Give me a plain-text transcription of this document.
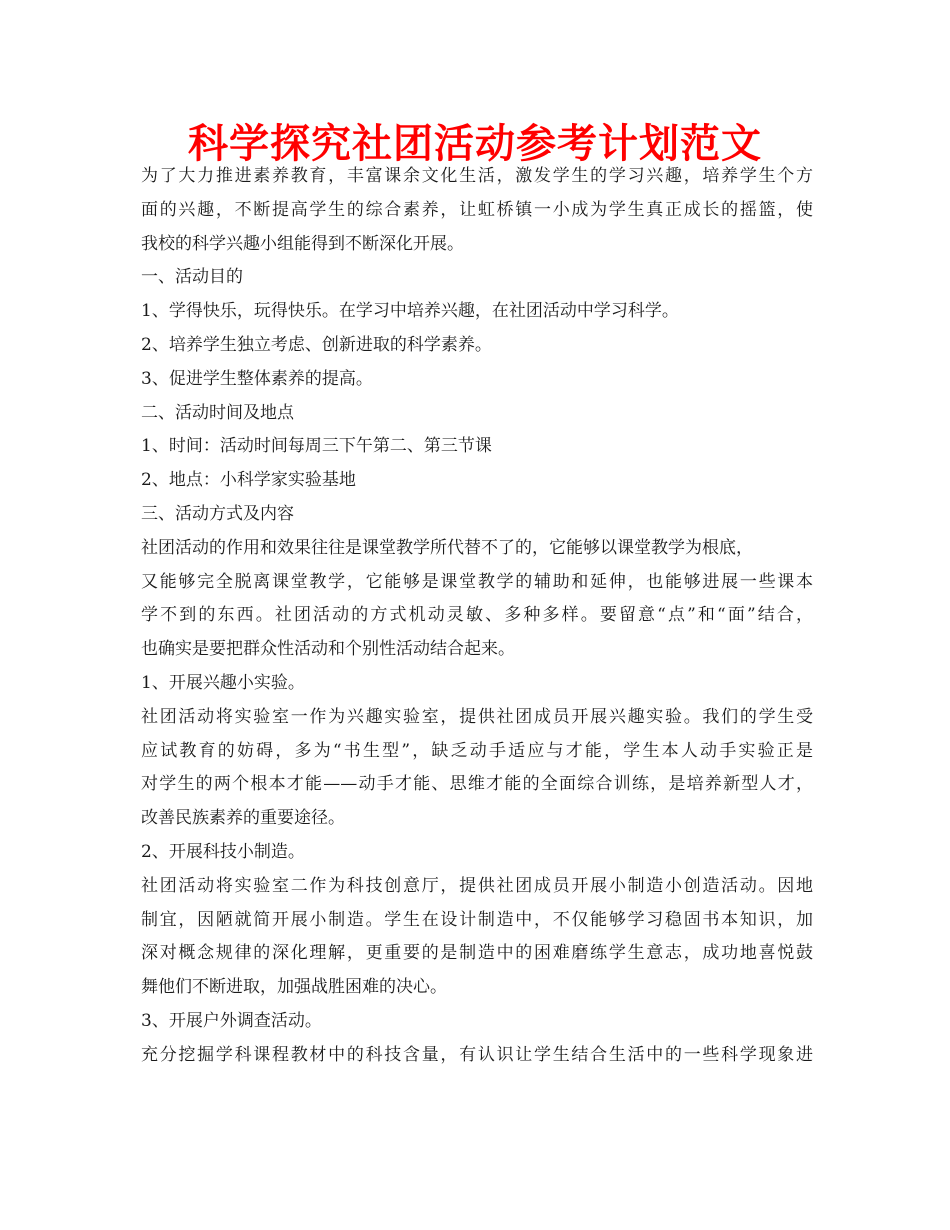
科学探究社团活动参考计划范文
为了大力推进素养教育，丰富课余文化生活，激发学生的学习兴趣，培养学生个方
面的兴趣，不断提高学生的综合素养，让虹桥镇一小成为学生真正成长的摇篮，使
我校的科学兴趣小组能得到不断深化开展。
一、活动目的
1、学得快乐，玩得快乐。在学习中培养兴趣，在社团活动中学习科学。
2、培养学生独立考虑、创新进取的科学素养。
3、促进学生整体素养的提高。
二、活动时间及地点
1、时间：活动时间每周三下午第二、第三节课
2、地点：小科学家实验基地
三、活动方式及内容
社团活动的作用和效果往往是课堂教学所代替不了的，它能够以课堂教学为根底，
又能够完全脱离课堂教学，它能够是课堂教学的辅助和延伸，也能够进展一些课本
学不到的东西。社团活动的方式机动灵敏、多种多样。要留意“点”和“面”结合，
也确实是要把群众性活动和个别性活动结合起来。
1、开展兴趣小实验。
社团活动将实验室一作为兴趣实验室，提供社团成员开展兴趣实验。我们的学生受
应试教育的妨碍，多为“书生型”，缺乏动手适应与才能，学生本人动手实验正是
对学生的两个根本才能——动手才能、思维才能的全面综合训练，是培养新型人才，
改善民族素养的重要途径。
2、开展科技小制造。
社团活动将实验室二作为科技创意厅，提供社团成员开展小制造小创造活动。因地
制宜，因陋就简开展小制造。学生在设计制造中，不仅能够学习稳固书本知识，加
深对概念规律的深化理解，更重要的是制造中的困难磨练学生意志，成功地喜悦鼓
舞他们不断进取，加强战胜困难的决心。
3、开展户外调查活动。
充分挖掘学科课程教材中的科技含量，有认识让学生结合生活中的一些科学现象进
